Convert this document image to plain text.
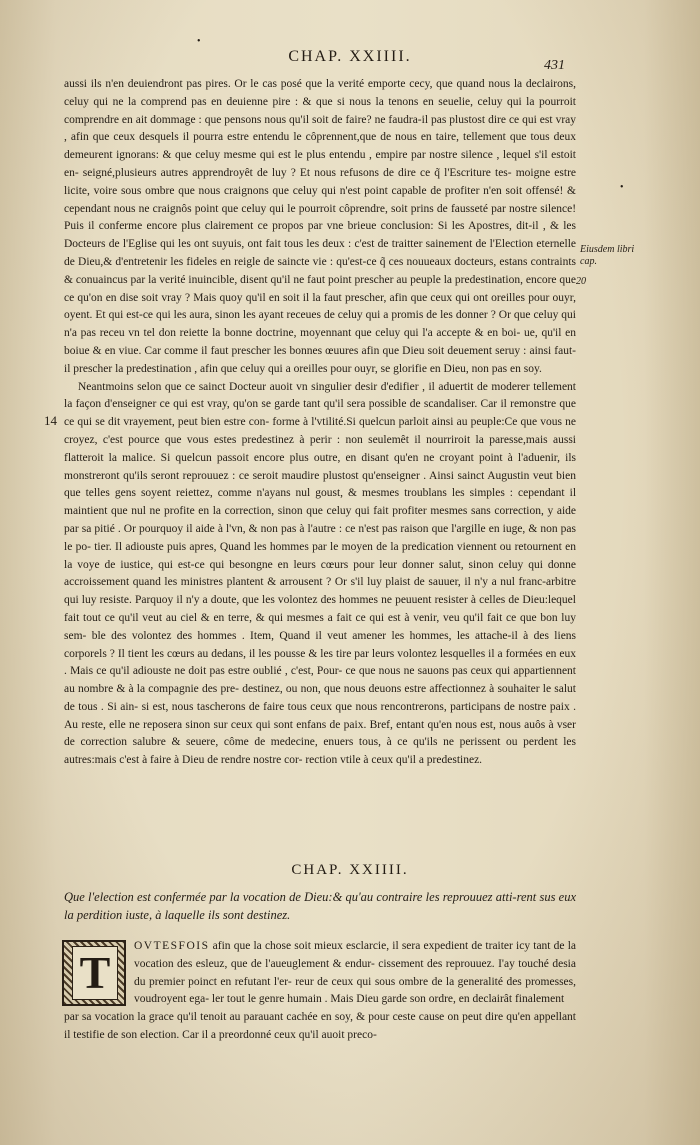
•
CHAP. XXIIII.
431

aussi ils n'en deuiendront pas pires. Or le cas posé que la verité emporte cecy, que quand nous la declairons, celuy qui ne la comprend pas en deuienne pire : & que si nous la tenons en seuelie, celuy qui la pourroit comprendre en ait dommage : que pensons nous qu'il soit de faire? ne faudra-il pas plustost dire ce qui est vray , afin que ceux desquels il pourra estre entendu le côprennent,que de nous en taire, tellement que tous deux demeurent ignorans: & que celuy mesme qui est le plus entendu , empire par nostre silence , lequel s'il estoit en- seigné,plusieurs autres apprendroyêt de luy ? Et nous refusons de dire ce q̃ l'Escriture tes- moigne estre licite, voire sous ombre que nous craignons que celuy qui n'est point capable de profiter n'en soit offensé! & cependant nous ne craignôs point que celuy qui le pourroit côprendre, soit prins de fausseté par nostre silence! Puis il conferme encore plus clairement ce propos par vne brieue conclusion: Si les Apostres, dit-il , & les Docteurs de l'Eglise qui les ont suyuis, ont fait tous les deux : c'est de traitter sainement de l'Election eternelle de Dieu,& d'entretenir les fideles en reigle de saincte vie : qu'est-ce q̃ ces nouueaux docteurs, estans contraints & conuaincus par la verité inuincible, disent qu'il ne faut point prescher au peuple la predestination, encore que ce qu'on en dise soit vray ? Mais quoy qu'il en soit il la faut prescher, afin que ceux qui ont oreilles pour ouyr, oyent. Et qui est-ce qui les aura, sinon les ayant receues de celuy qui a promis de les donner ? Or que celuy qui n'a pas receu vn tel don reiette la bonne doctrine, moyennant que celuy qui l'a accepte & en boi- ue, qu'il en boiue & en viue. Car comme il faut prescher les bonnes œuures afin que Dieu soit deuement seruy : ainsi faut-il prescher la predestination , afin que celuy qui a oreilles pour ouyr, se glorifie en Dieu, non pas en soy.

Neantmoins selon que ce sainct Docteur auoit vn singulier desir d'edifier , il aduertit de moderer tellement la façon d'enseigner ce qui est vray, qu'on se garde tant qu'il sera possible de scandaliser. Car il remonstre que ce qui se dit vrayement, peut bien estre con- forme à l'vtilité.Si quelcun parloit ainsi au peuple:Ce que vous ne croyez, c'est pource que vous estes predestinez à perir : non seulemêt il nourriroit la paresse,mais aussi flatteroit la malice. Si quelcun passoit encore plus outre, en disant qu'en ne croyant point à l'aduenir, ils monstreront qu'ils seront reprouuez : ce seroit maudire plustost qu'enseigner . Ainsi sainct Augustin veut bien que telles gens soyent reiettez, comme n'ayans nul goust, & mesmes troublans les simples : cependant il maintient que nul ne profite en la correction, sinon que celuy qui fait profiter mesmes sans correction, y aide par sa pitié . Or pourquoy il aide à l'vn, & non pas à l'autre : ce n'est pas raison que l'argille en iuge, & non pas le po- tier. Il adiouste puis apres, Quand les hommes par le moyen de la predication viennent ou retournent en la voye de iustice, qui est-ce qui besongne en leurs cœurs pour leur donner salut, sinon celuy qui donne accroissement quand les ministres plantent & arrousent ? Or s'il luy plaist de sauuer, il n'y a nul franc-arbitre qui luy resiste. Parquoy il n'y a doute, que les volontez des hommes ne peuuent resister à celles de Dieu:lequel fait tout ce qu'il veut au ciel & en terre, & qui mesmes a fait ce qui est à venir, veu qu'il fait ce que bon luy sem- ble des volontez des hommes . Item, Quand il veut amener les hommes, les attache-il à des liens corporels ? Il tient les cœurs au dedans, il les pousse & les tire par leurs volontez lesquelles il a formées en eux . Mais ce qu'il adiouste ne doit pas estre oublié , c'est, Pour- ce que nous ne sauons pas ceux qui appartiennent au nombre & à la compagnie des pre- destinez, ou non, que nous deuons estre affectionnez à souhaiter le salut de tous . Si ain- si est, nous tascherons de faire tous ceux que nous rencontrerons, participans de nostre paix . Au reste, elle ne reposera sinon sur ceux qui sont enfans de paix. Bref, entant qu'en nous est, nous auôs à vser de correction salubre & seuere, côme de medecine, enuers tous, à ce qu'ils ne perissent ou perdent les autres:mais c'est à faire à Dieu de rendre nostre cor- rection vtile à ceux qu'il a predestinez.

14
Eiusdem libri cap.
20
•
CHAP. XXIIII.
Que l'election est confermée par la vocation de Dieu:& qu'au contraire les reprouuez atti-rent sus eux la perdition iuste, à laquelle ils sont destinez.
T
OVTESFOIS afin que la chose soit mieux esclarcie, il sera expedient de traiter icy tant de la vocation des esleuz, que de l'aueuglement & endur- cissement des reprouuez. I'ay touché desia du premier poinct en refutant l'er- reur de ceux qui sous ombre de la generalité des promesses, voudroyent ega- ler tout le genre humain . Mais Dieu garde son ordre, en declairât finalement
par sa vocation la grace qu'il tenoit au parauant cachée en soy, & pour ceste cause on peut dire qu'en appellant il testifie de son election. Car il a preordonné ceux qu'il auoit preco-
